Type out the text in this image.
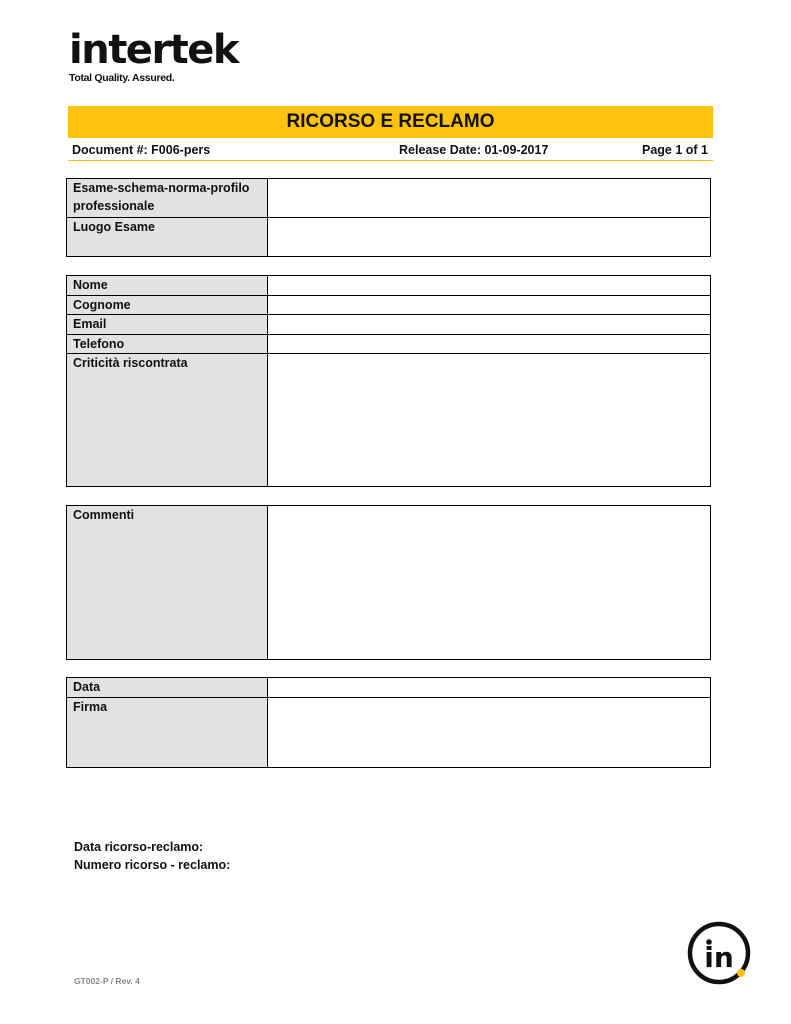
intertek
Total Quality. Assured.
RICORSO E RECLAMO
Document #: F006-pers	Release Date: 01-09-2017	Page 1 of 1
Esame-schema-norma-profilo professionale	
Luogo Esame	
Nome	
Cognome	
Email	
Telefono	
Criticità riscontrata	
Commenti	
Data	
Firma	
Data ricorso-reclamo:
Numero ricorso - reclamo:
GT002-P / Rev. 4
in
